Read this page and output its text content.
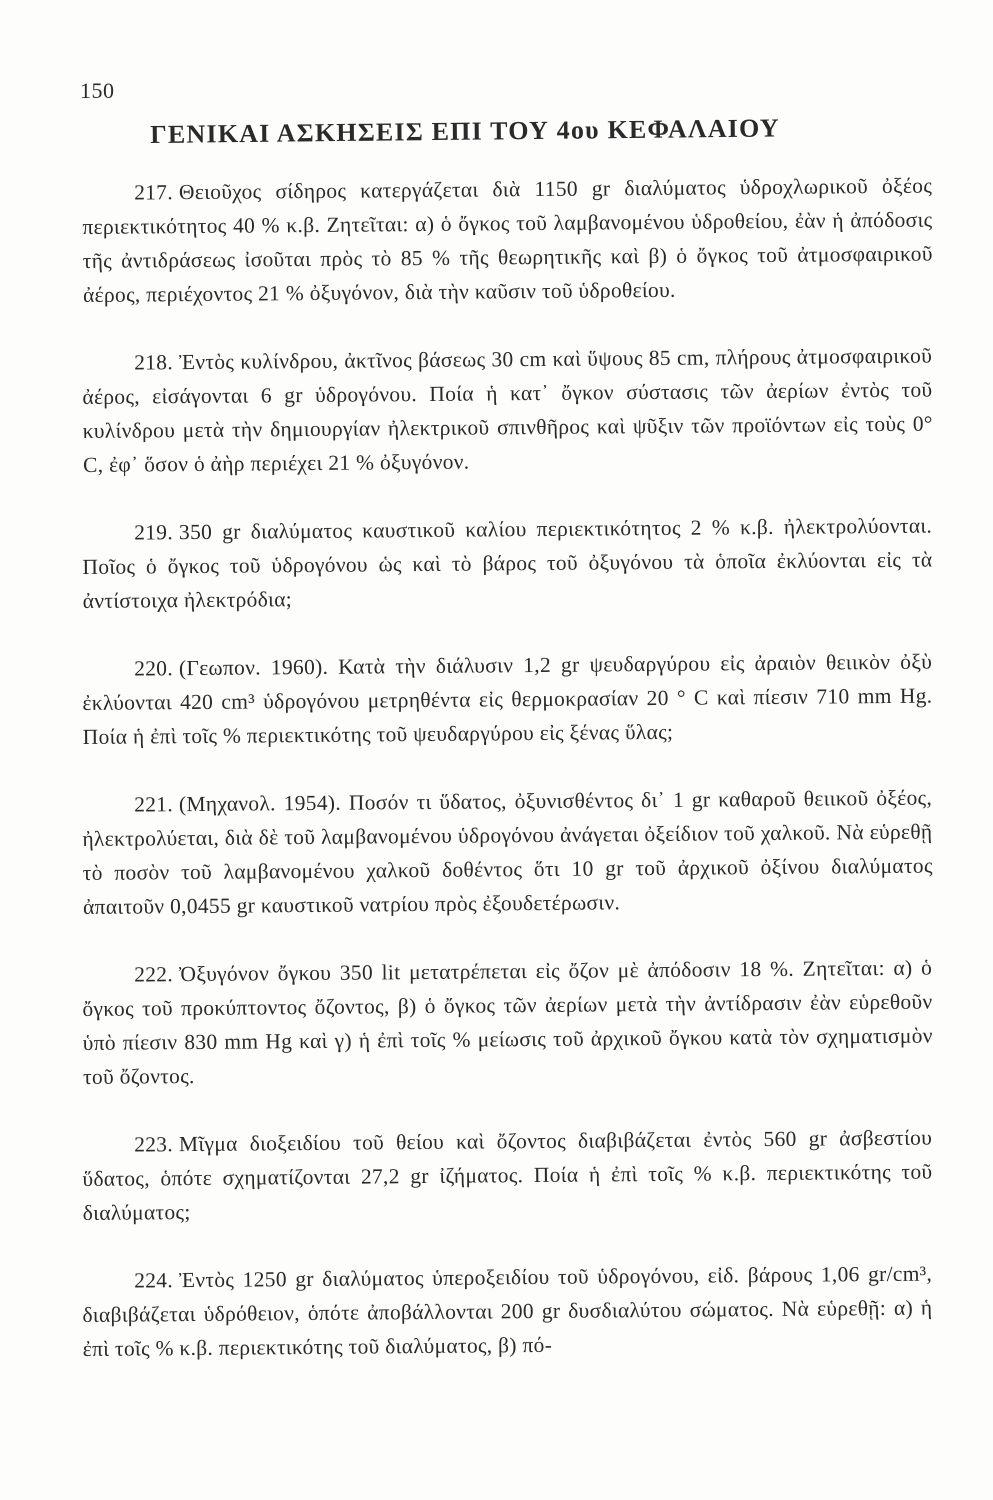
150
ΓΕΝΙΚΑΙ ΑΣΚΗΣΕΙΣ ΕΠΙ ΤΟΥ 4ου ΚΕΦΑΛΑΙΟΥ

217. Θειοῦχος σίδηρος κατεργάζεται διὰ 1150 gr διαλύματος ὑδροχλωρικοῦ ὀξέος περιεκτικότητος 40 % κ.β. Ζητεῖται: α) ὁ ὄγκος τοῦ λαμβανομένου ὑδροθείου, ἐὰν ἡ ἀπόδοσις τῆς ἀντιδράσεως ἰσοῦται πρὸς τὸ 85 % τῆς θεωρητικῆς καὶ β) ὁ ὄγκος τοῦ ἀτμοσφαιρικοῦ ἀέρος, περιέχοντος 21 % ὀξυγόνον, διὰ τὴν καῦσιν τοῦ ὑδροθείου.

218. Ἐντὸς κυλίνδρου, ἀκτῖνος βάσεως 30 cm καὶ ὕψους 85 cm, πλήρους ἀτμοσφαιρικοῦ ἀέρος, εἰσάγονται 6 gr ὑδρογόνου. Ποία ἡ κατ᾽ ὄγκον σύστασις τῶν ἀερίων ἐντὸς τοῦ κυλίνδρου μετὰ τὴν δημιουργίαν ἠλεκτρικοῦ σπινθῆρος καὶ ψῦξιν τῶν προϊόντων εἰς τοὺς 0° C, ἐφ᾽ ὅσον ὁ ἀὴρ περιέχει 21 % ὀξυγόνον.

219. 350 gr διαλύματος καυστικοῦ καλίου περιεκτικότητος 2 % κ.β. ἠλεκτρολύονται. Ποῖος ὁ ὄγκος τοῦ ὑδρογόνου ὡς καὶ τὸ βάρος τοῦ ὀξυγόνου τὰ ὁποῖα ἐκλύονται εἰς τὰ ἀντίστοιχα ἠλεκτρόδια;

220. (Γεωπον. 1960). Κατὰ τὴν διάλυσιν 1,2 gr ψευδαργύρου εἰς ἀραιὸν θειικὸν ὀξὺ ἐκλύονται 420 cm³ ὑδρογόνου μετρηθέντα εἰς θερμοκρασίαν 20 ° C καὶ πίεσιν 710 mm Hg. Ποία ἡ ἐπὶ τοῖς % περιεκτικότης τοῦ ψευδαργύρου εἰς ξένας ὕλας;

221. (Μηχανολ. 1954). Ποσόν τι ὕδατος, ὀξυνισθέντος δι᾽ 1 gr καθαροῦ θειικοῦ ὀξέος, ἠλεκτρολύεται, διὰ δὲ τοῦ λαμβανομένου ὑδρογόνου ἀνάγεται ὀξείδιον τοῦ χαλκοῦ. Νὰ εὑρεθῇ τὸ ποσὸν τοῦ λαμβανομένου χαλκοῦ δοθέντος ὅτι 10 gr τοῦ ἀρχικοῦ ὀξίνου διαλύματος ἀπαιτοῦν 0,0455 gr καυστικοῦ νατρίου πρὸς ἐξουδετέρωσιν.

222. Ὀξυγόνον ὄγκου 350 lit μετατρέπεται εἰς ὄζον μὲ ἀπόδοσιν 18 %. Ζητεῖται: α) ὁ ὄγκος τοῦ προκύπτοντος ὄζοντος, β) ὁ ὄγκος τῶν ἀερίων μετὰ τὴν ἀντίδρασιν ἐὰν εὑρεθοῦν ὑπὸ πίεσιν 830 mm Hg καὶ γ) ἡ ἐπὶ τοῖς % μείωσις τοῦ ἀρχικοῦ ὄγκου κατὰ τὸν σχηματισμὸν τοῦ ὄζοντος.

223. Μῖγμα διοξειδίου τοῦ θείου καὶ ὄζοντος διαβιβάζεται ἐντὸς 560 gr ἀσβεστίου ὕδατος, ὁπότε σχηματίζονται 27,2 gr ἰζήματος. Ποία ἡ ἐπὶ τοῖς % κ.β. περιεκτικότης τοῦ διαλύματος;

224. Ἐντὸς 1250 gr διαλύματος ὑπεροξειδίου τοῦ ὑδρογόνου, εἰδ. βάρους 1,06 gr/cm³, διαβιβάζεται ὑδρόθειον, ὁπότε ἀποβάλλονται 200 gr δυσδιαλύτου σώματος. Νὰ εὑρεθῇ: α) ἡ ἐπὶ τοῖς % κ.β. περιεκτικότης τοῦ διαλύματος, β) πό-
